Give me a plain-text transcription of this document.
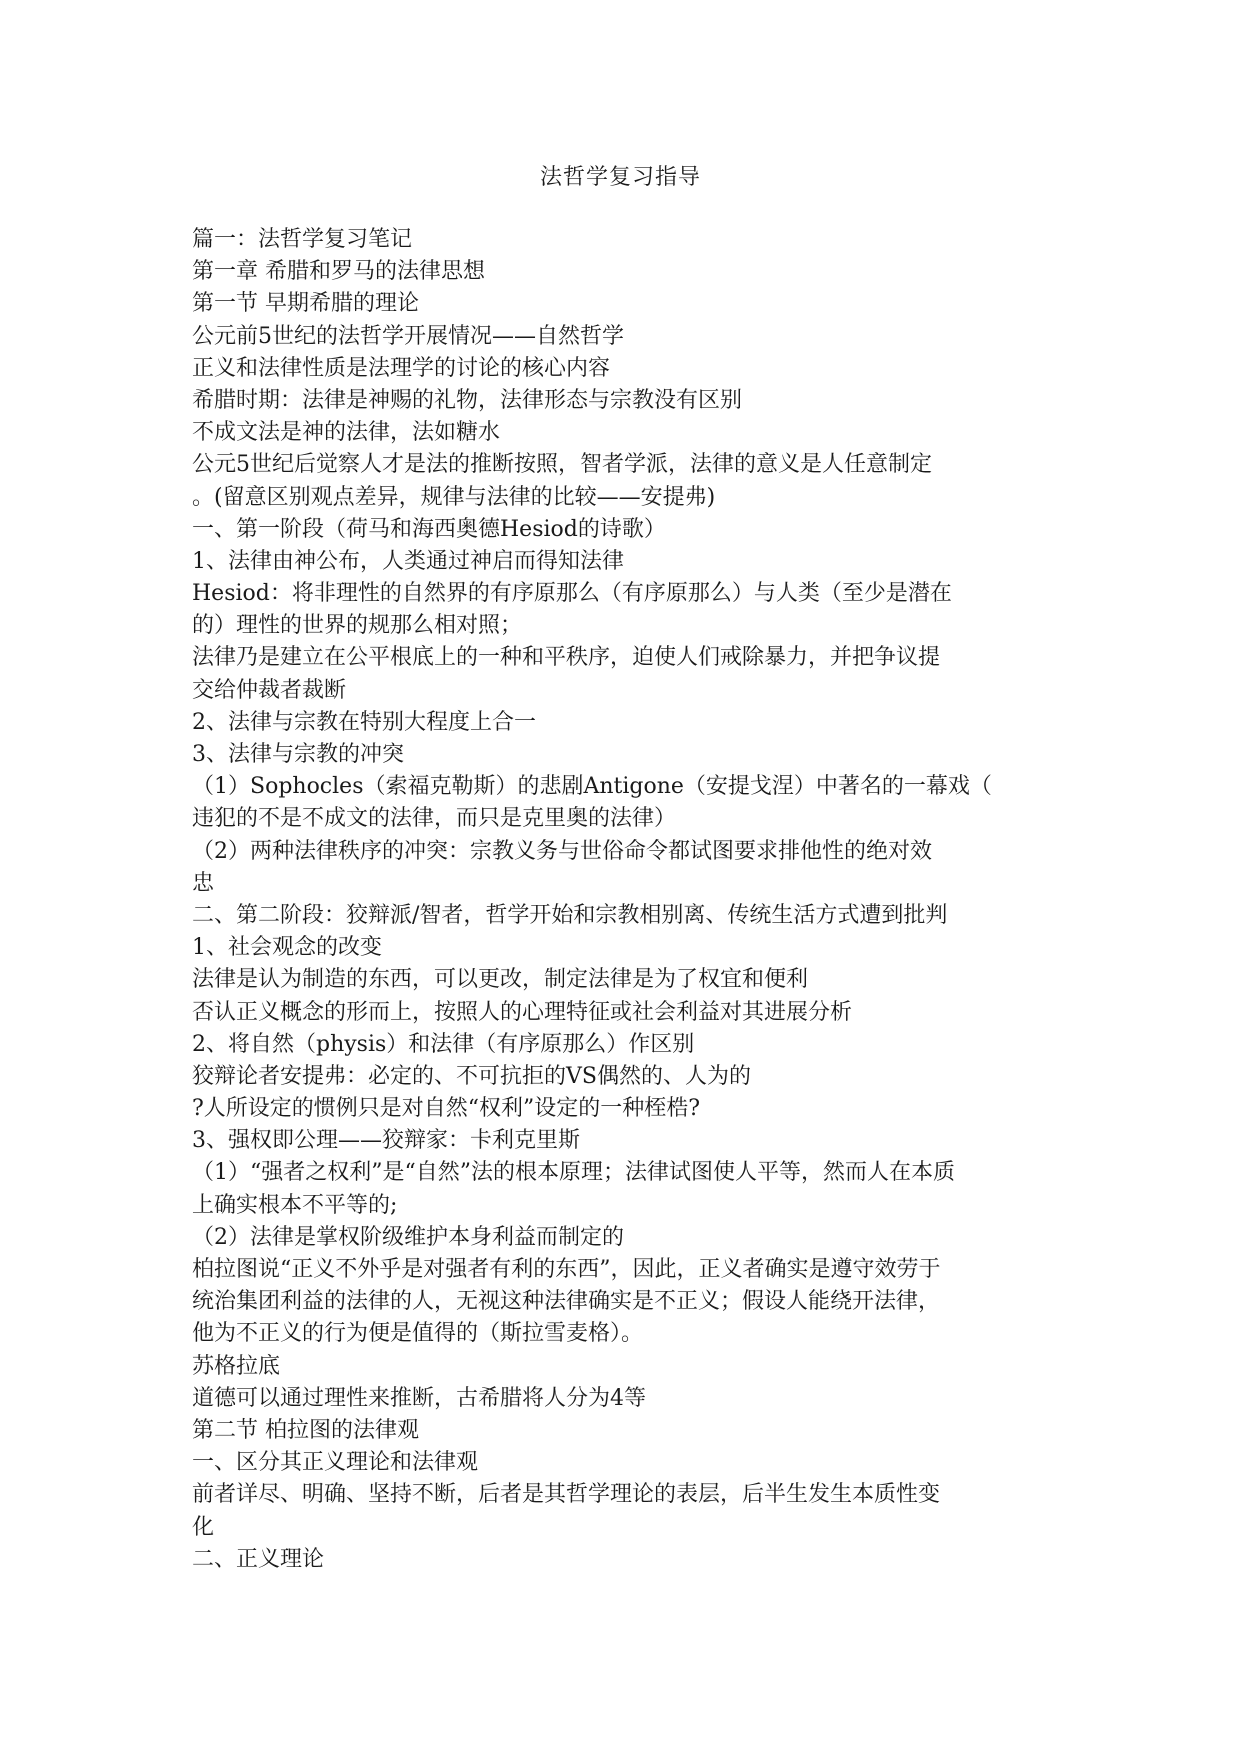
法哲学复习指导
篇一：法哲学复习笔记
第一章 希腊和罗马的法律思想
第一节 早期希腊的理论
公元前5世纪的法哲学开展情况——自然哲学
正义和法律性质是法理学的讨论的核心内容
希腊时期：法律是神赐的礼物，法律形态与宗教没有区别
不成文法是神的法律，法如糖水
公元5世纪后觉察人才是法的推断按照，智者学派，法律的意义是人任意制定
。(留意区别观点差异，规律与法律的比较——安提弗)
一、第一阶段（荷马和海西奥德Hesiod的诗歌）
1、法律由神公布，人类通过神启而得知法律
Hesiod：将非理性的自然界的有序原那么（有序原那么）与人类（至少是潜在
的）理性的世界的规那么相对照；
法律乃是建立在公平根底上的一种和平秩序，迫使人们戒除暴力，并把争议提
交给仲裁者裁断
2、法律与宗教在特别大程度上合一
3、法律与宗教的冲突
（1）Sophocles（索福克勒斯）的悲剧Antigone（安提戈涅）中著名的一幕戏（
违犯的不是不成文的法律，而只是克里奥的法律）
（2）两种法律秩序的冲突：宗教义务与世俗命令都试图要求排他性的绝对效
忠
二、第二阶段：狡辩派/智者，哲学开始和宗教相别离、传统生活方式遭到批判
1、社会观念的改变
法律是认为制造的东西，可以更改，制定法律是为了权宜和便利
否认正义概念的形而上，按照人的心理特征或社会利益对其进展分析
2、将自然（physis）和法律（有序原那么）作区别
狡辩论者安提弗：必定的、不可抗拒的VS偶然的、人为的
?人所设定的惯例只是对自然“权利”设定的一种桎梏?
3、强权即公理——狡辩家：卡利克里斯
（1）“强者之权利”是“自然”法的根本原理；法律试图使人平等，然而人在本质
上确实根本不平等的;
（2）法律是掌权阶级维护本身利益而制定的
柏拉图说“正义不外乎是对强者有利的东西”，因此，正义者确实是遵守效劳于
统治集团利益的法律的人，无视这种法律确实是不正义；假设人能绕开法律，
他为不正义的行为便是值得的（斯拉雪麦格）。
苏格拉底
道德可以通过理性来推断，古希腊将人分为4等
第二节 柏拉图的法律观
一、区分其正义理论和法律观
前者详尽、明确、坚持不断，后者是其哲学理论的表层，后半生发生本质性变
化
二、正义理论
